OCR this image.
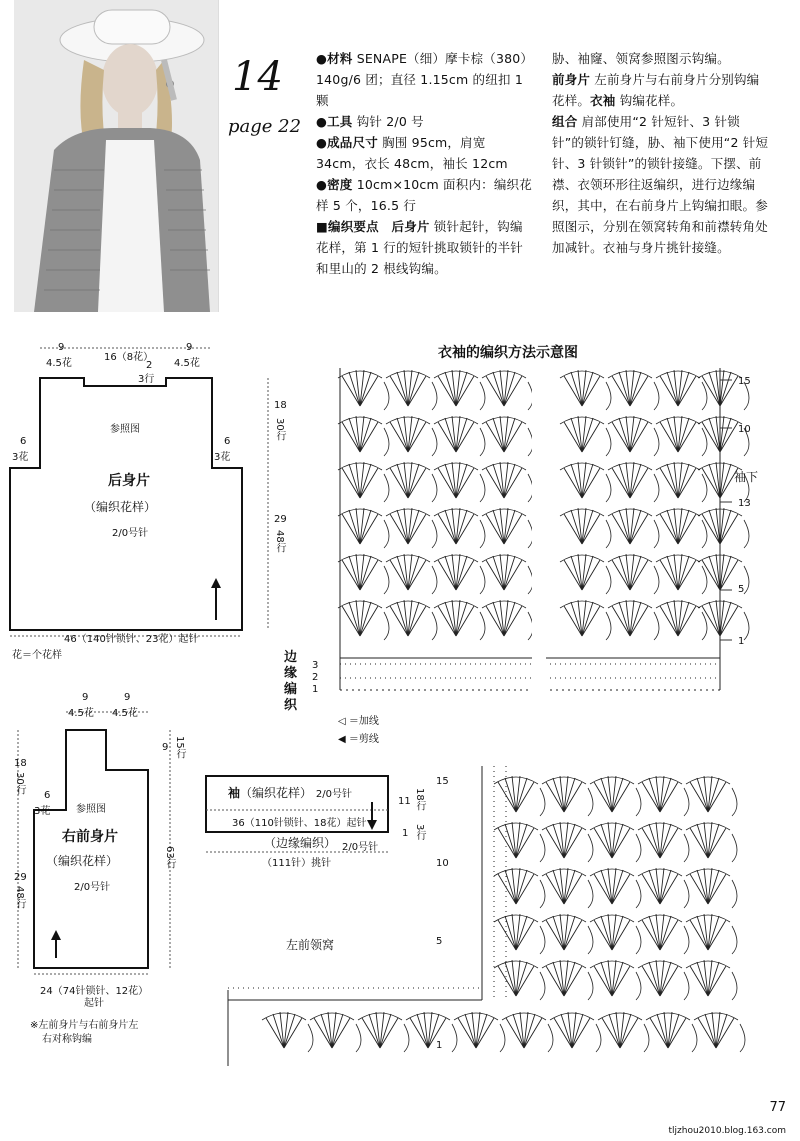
14
page 22

●材料 SENAPE（细）摩卡棕（380）140g/6 团；直径 1.15cm 的纽扣 1 颗

●工具 钩针 2/0 号

●成品尺寸 胸围 95cm，肩宽 34cm，衣长 48cm，袖长 12cm

●密度 10cm×10cm 面积内：编织花样 5 个，16.5 行

■编织要点　后身片 锁针起针，钩编花样，第 1 行的短针挑取锁针的半针和里山的 2 根线钩编。

胁、袖窿、领窝参照图示钩编。

前身片 左前身片与右前身片分别钩编花样。衣袖 钩编花样。

组合 肩部使用“2 针短针、3 针锁针”的锁针钉缝，胁、袖下使用“2 针短针、3 针锁针”的锁针接缝。下摆、前襟、衣领环形往返编织，进行边缘编织，其中，在右前身片上钩编扣眼。参照图示，分别在领窝转角和前襟转角处加减针。衣袖与身片挑针接缝。

9
4.5花
16（8花）
9
4.5花
2
3行
6
3花
6
3花
参照图
后身片
（编织花样）
2/0号针
18
30行
29
48行
46（140针锁针、23花）起针
花＝个花样
9
4.5花
9
4.5花
9 15行
18
30行
6
3花	参照图
右前身片
（编织花样）
2/0号针
29
48行
63行
24（74针锁针、12花）
起针
※左前身片与右前身片左
右对称钩编
袖（编织花样） 2/0号针
36（110针锁针、18花）起针
（边缘编织） 2/0号针
（111针）挑针
11 18行
1 3行
衣袖的编织方法示意图
15
10
13
5
1
袖下
边缘编织
3
2
1
◁ ＝加线
◀ ＝剪线
15
10
5
1
左前领窝
77
tljzhou2010.blog.163.com
